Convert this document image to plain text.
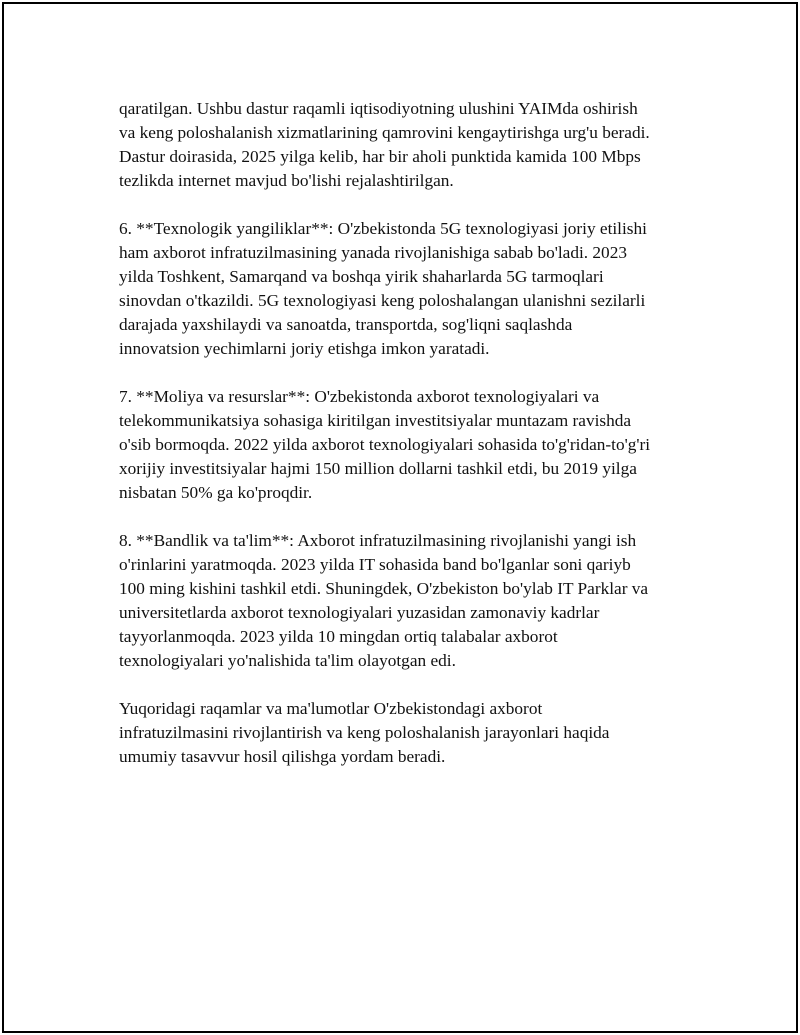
qaratilgan. Ushbu dastur raqamli iqtisodiyotning ulushini YAIMda oshirish
va keng poloshalanish xizmatlarining qamrovini kengaytirishga urg'u beradi.
Dastur doirasida, 2025 yilga kelib, har bir aholi punktida kamida 100 Mbps
tezlikda internet mavjud bo'lishi rejalashtirilgan.

6. **Texnologik yangiliklar**: O'zbekistonda 5G texnologiyasi joriy etilishi
ham axborot infratuzilmasining yanada rivojlanishiga sabab bo'ladi. 2023
yilda Toshkent, Samarqand va boshqa yirik shaharlarda 5G tarmoqlari
sinovdan o'tkazildi. 5G texnologiyasi keng poloshalangan ulanishni sezilarli
darajada yaxshilaydi va sanoatda, transportda, sog'liqni saqlashda
innovatsion yechimlarni joriy etishga imkon yaratadi.

7. **Moliya va resurslar**: O'zbekistonda axborot texnologiyalari va
telekommunikatsiya sohasiga kiritilgan investitsiyalar muntazam ravishda
o'sib bormoqda. 2022 yilda axborot texnologiyalari sohasida to'g'ridan-to'g'ri
xorijiy investitsiyalar hajmi 150 million dollarni tashkil etdi, bu 2019 yilga
nisbatan 50% ga ko'proqdir.

8. **Bandlik va ta'lim**: Axborot infratuzilmasining rivojlanishi yangi ish
o'rinlarini yaratmoqda. 2023 yilda IT sohasida band bo'lganlar soni qariyb
100 ming kishini tashkil etdi. Shuningdek, O'zbekiston bo'ylab IT Parklar va
universitetlarda axborot texnologiyalari yuzasidan zamonaviy kadrlar
tayyorlanmoqda. 2023 yilda 10 mingdan ortiq talabalar axborot
texnologiyalari yo'nalishida ta'lim olayotgan edi.

Yuqoridagi raqamlar va ma'lumotlar O'zbekistondagi axborot
infratuzilmasini rivojlantirish va keng poloshalanish jarayonlari haqida
umumiy tasavvur hosil qilishga yordam beradi.
